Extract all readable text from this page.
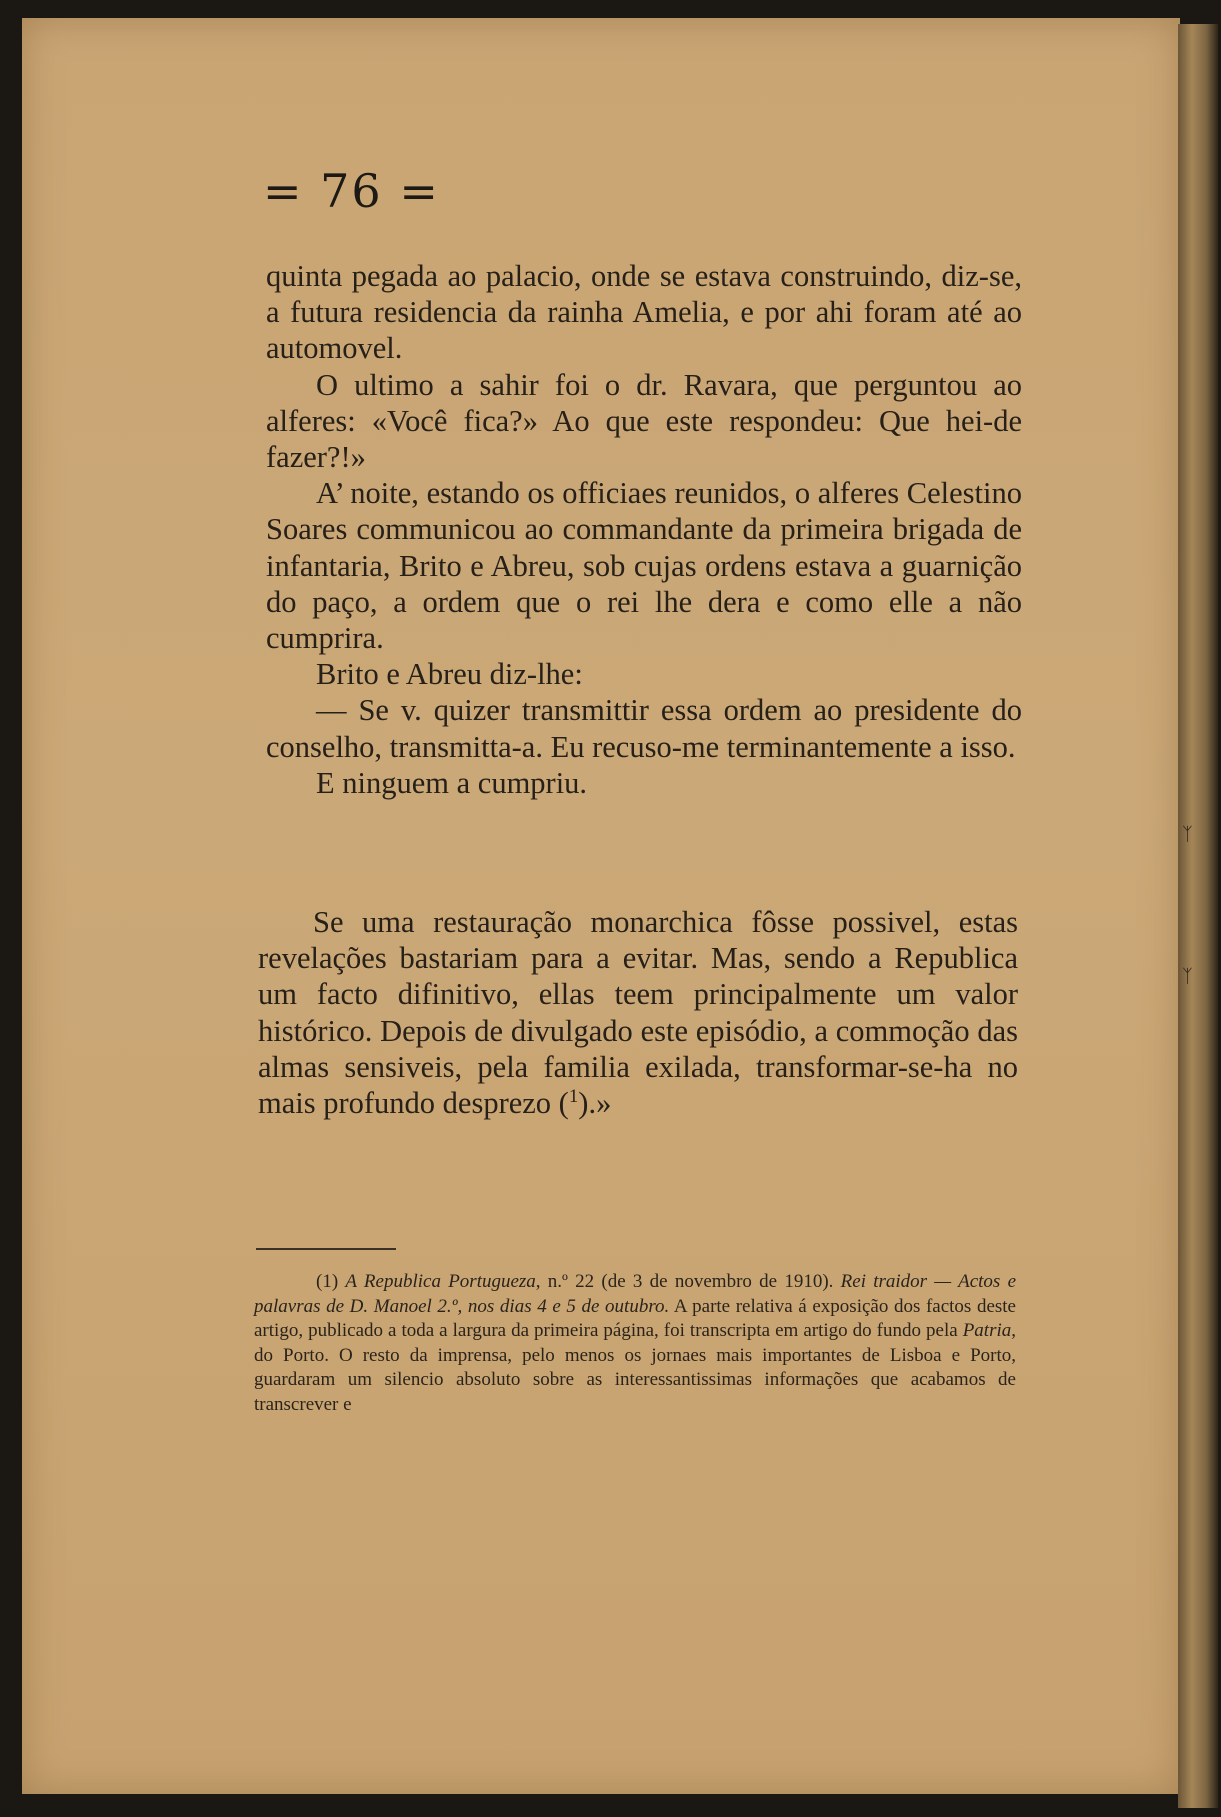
ᛉ
ᛉ
= 76 =

quinta pegada ao palacio, onde se estava construindo, diz-se, a futura residencia da rainha Amelia, e por ahi foram até ao automovel.

O ultimo a sahir foi o dr. Ravara, que perguntou ao alferes: «Você fica?» Ao que este respondeu: Que hei-de fazer?!»

A’ noite, estando os officiaes reunidos, o alferes Celestino Soares communicou ao commandante da primeira brigada de infantaria, Brito e Abreu, sob cujas ordens estava a guarnição do paço, a ordem que o rei lhe dera e como elle a não cumprira.

Brito e Abreu diz-lhe:

— Se v. quizer transmittir essa ordem ao presidente do conselho, transmitta-a. Eu recuso-me terminantemente a isso.

E ninguem a cumpriu.

Se uma restauração monarchica fôsse possivel, estas revelações bastariam para a evitar. Mas, sendo a Republica um facto difinitivo, ellas teem principalmente um valor histórico. Depois de divulgado este episódio, a commoção das almas sensiveis, pela familia exilada, transformar-se-ha no mais profundo desprezo ($^1$).»

(1) A Republica Portugueza, n.º 22 (de 3 de novembro de 1910). Rei traidor — Actos e palavras de D. Manoel 2.º, nos dias 4 e 5 de outubro. A parte relativa á exposição dos factos deste artigo, publicado a toda a largura da primeira página, foi transcripta em artigo do fundo pela Patria, do Porto. O resto da imprensa, pelo menos os jornaes mais importantes de Lisboa e Porto, guardaram um silencio absoluto sobre as interessantissimas informações que acabamos de transcrever e
